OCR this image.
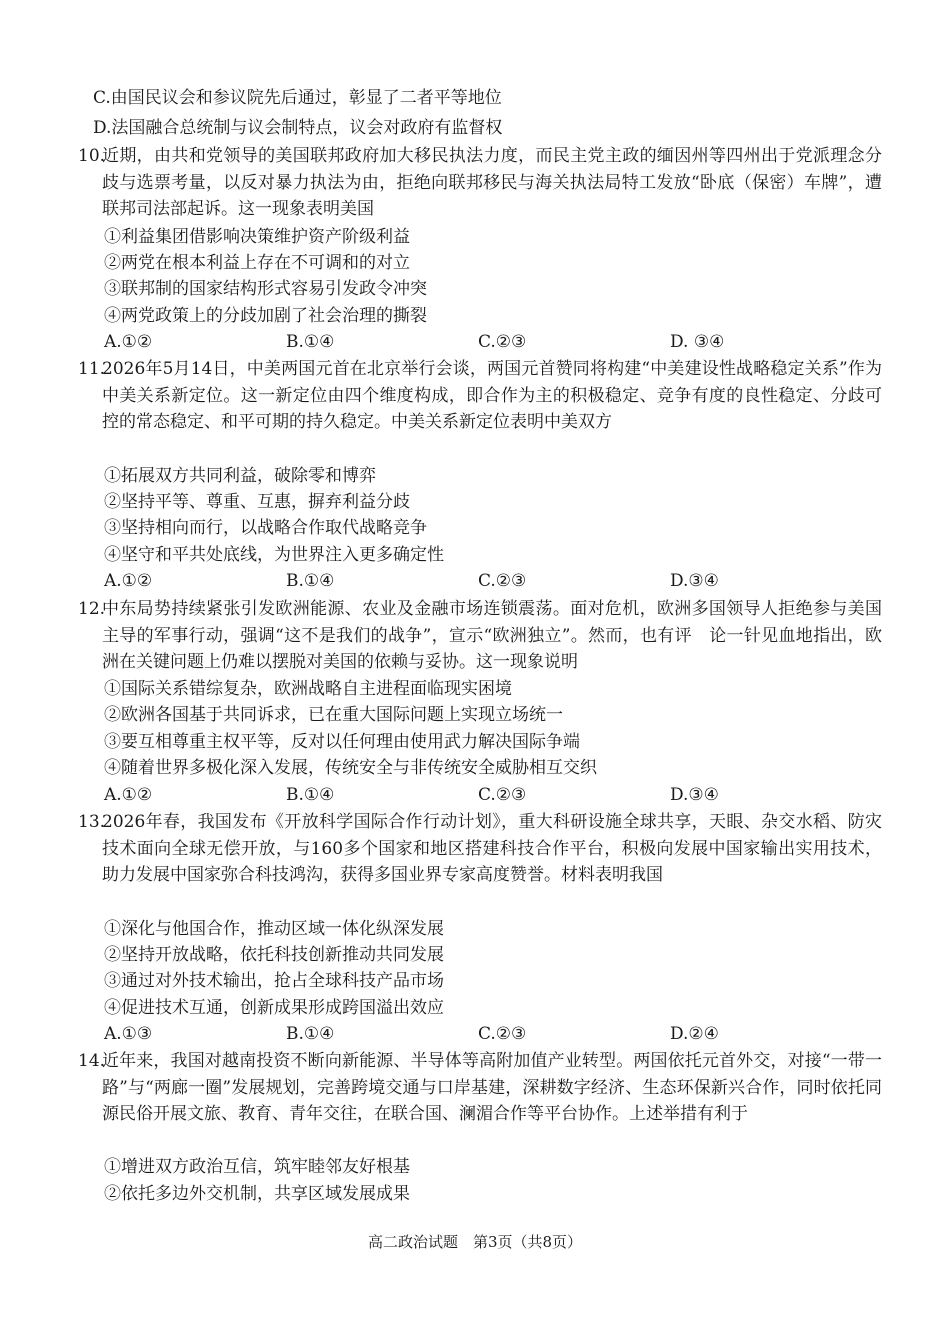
C.由国民议会和参议院先后通过，彰显了二者平等地位
D.法国融合总统制与议会制特点，议会对政府有监督权
10.
近期，由共和党领导的美国联邦政府加大移民执法力度，而民主党主政的缅因州等四州出于党派理念分歧与选票考量，以反对暴力执法为由，拒绝向联邦移民与海关执法局特工发放“卧底（保密）车牌”，遭联邦司法部起诉。这一现象表明美国
①利益集团借影响决策维护资产阶级利益
②两党在根本利益上存在不可调和的对立
③联邦制的国家结构形式容易引发政令冲突
④两党政策上的分歧加剧了社会治理的撕裂
A.①②	B.①④	C.②③	D. ③④
11.
2026年5月14日，中美两国元首在北京举行会谈，两国元首赞同将构建“中美建设性战略稳定关系”作为中美关系新定位。这一新定位由四个维度构成，即合作为主的积极稳定、竞争有度的良性稳定、分歧可控的常态稳定、和平可期的持久稳定。中美关系新定位表明中美双方
①拓展双方共同利益，破除零和博弈
②坚持平等、尊重、互惠，摒弃利益分歧
③坚持相向而行，以战略合作取代战略竞争
④坚守和平共处底线，为世界注入更多确定性
A.①②	B.①④	C.②③	D.③④
12.
中东局势持续紧张引发欧洲能源、农业及金融市场连锁震荡。面对危机，欧洲多国领导人拒绝参与美国主导的军事行动，强调“这不是我们的战争”，宣示“欧洲独立”。然而，也有评　论一针见血地指出，欧洲在关键问题上仍难以摆脱对美国的依赖与妥协。这一现象说明
①国际关系错综复杂，欧洲战略自主进程面临现实困境
②欧洲各国基于共同诉求，已在重大国际问题上实现立场统一
③要互相尊重主权平等，反对以任何理由使用武力解决国际争端
④随着世界多极化深入发展，传统安全与非传统安全威胁相互交织
A.①②	B.①④	C.②③	D.③④
13.
2026年春，我国发布《开放科学国际合作行动计划》，重大科研设施全球共享，天眼、杂交水稻、防灾技术面向全球无偿开放，与160多个国家和地区搭建科技合作平台，积极向发展中国家输出实用技术，助力发展中国家弥合科技鸿沟，获得多国业界专家高度赞誉。材料表明我国
①深化与他国合作，推动区域一体化纵深发展
②坚持开放战略，依托科技创新推动共同发展
③通过对外技术输出，抢占全球科技产品市场
④促进技术互通，创新成果形成跨国溢出效应
A.①③	B.①④	C.②③	D.②④
14.
近年来，我国对越南投资不断向新能源、半导体等高附加值产业转型。两国依托元首外交，对接“一带一路”与“两廊一圈”发展规划，完善跨境交通与口岸基建，深耕数字经济、生态环保新兴合作，同时依托同源民俗开展文旅、教育、青年交往，在联合国、澜湄合作等平台协作。上述举措有利于
①增进双方政治互信，筑牢睦邻友好根基
②依托多边外交机制，共享区域发展成果
高二政治试题　第3页（共8页）
